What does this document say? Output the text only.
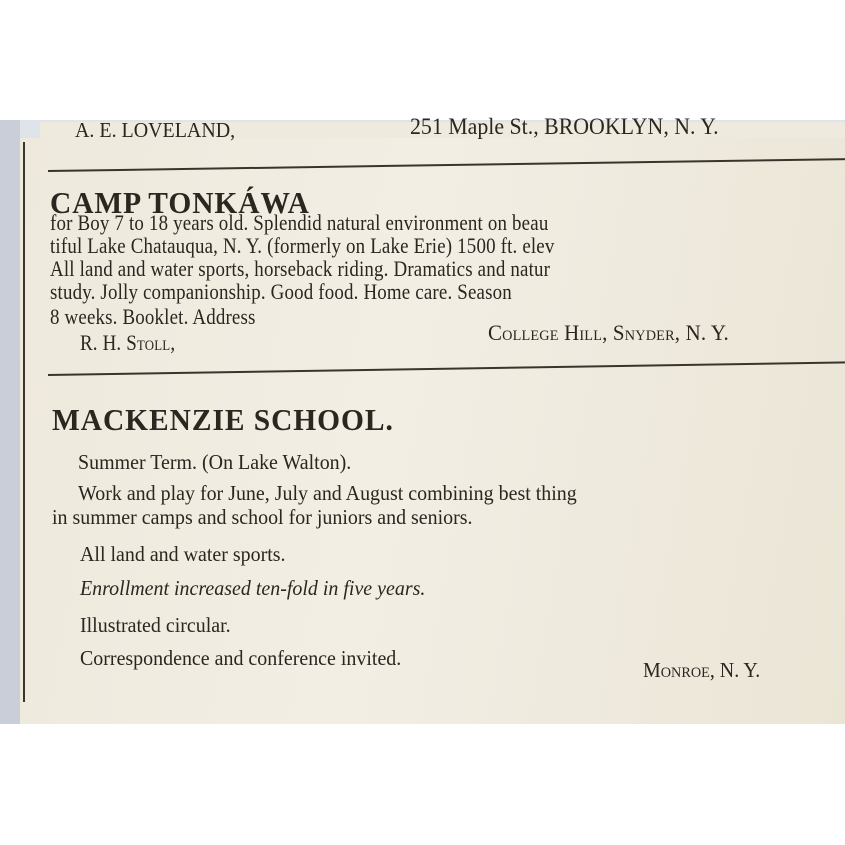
A. E. LOVELAND,	251 Maple St., BROOKLYN, N. Y.
CAMP TONKÁWA
for Boy 7 to 18 years old. Splendid natural environment on beau
tiful Lake Chatauqua, N. Y. (formerly on Lake Erie) 1500 ft. elev
All land and water sports, horseback riding. Dramatics and natur
study. Jolly companionship. Good food. Home care. Season
8 weeks. Booklet. Address
R. H. Stoll,	College Hill, Snyder, N. Y.
MACKENZIE SCHOOL.
Summer Term. (On Lake Walton).
Work and play for June, July and August combining best thing
in summer camps and school for juniors and seniors.
All land and water sports.
Enrollment increased ten-fold in five years.
Illustrated circular.
Correspondence and conference invited.	Monroe, N. Y.
